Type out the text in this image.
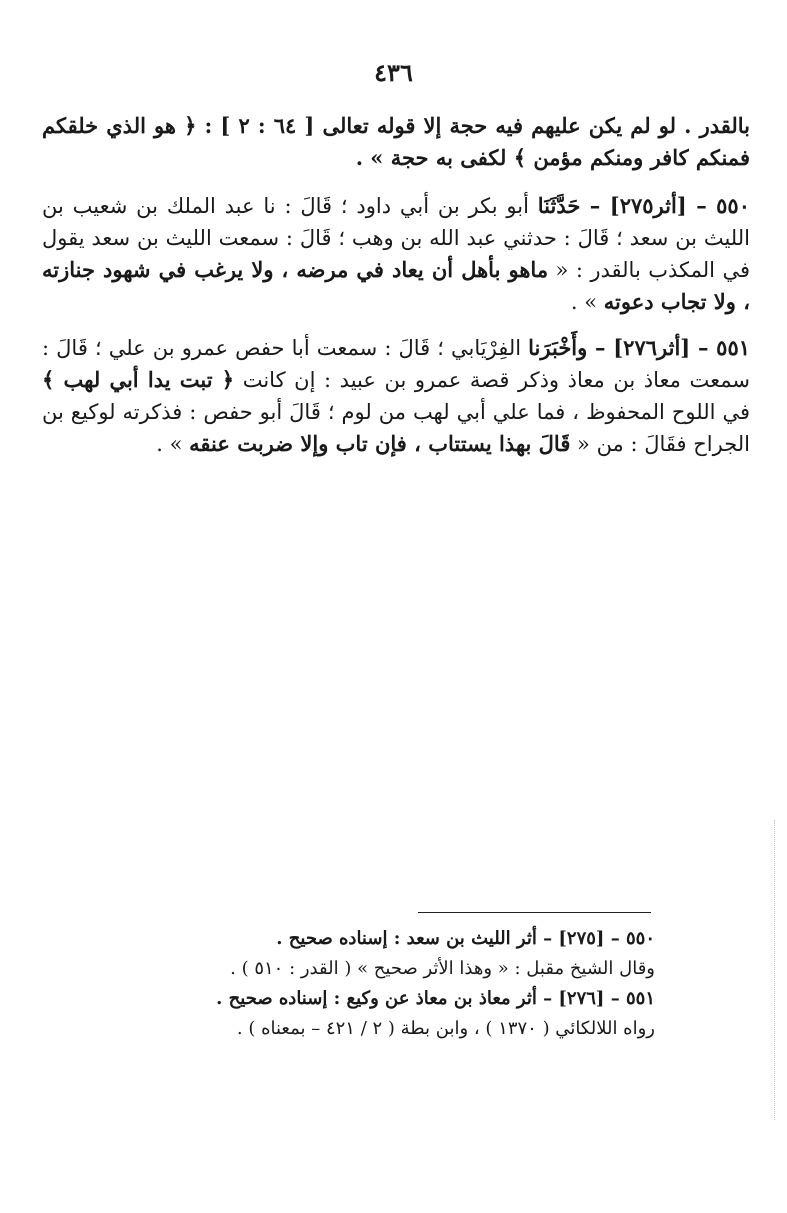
٤٣٦

بالقدر . لو لم يكن عليهم فيه حجة إلا قوله تعالى [ ٦٤ : ٢ ] : ﴿ هو الذي خلقكم فمنكم كافر ومنكم مؤمن ﴾ لكفى به حجة » .

٥٥٠ – [أثر٢٧٥] – حَدَّثَنَا أبو بكر بن أبي داود ؛ قَالَ : نا عبد الملك بن شعيب بن الليث بن سعد ؛ قَالَ : حدثني عبد الله بن وهب ؛ قَالَ : سمعت الليث بن سعد يقول في المكذب بالقدر : « ماهو بأهل أن يعاد في مرضه ، ولا يرغب في شهود جنازته ، ولا تجاب دعوته » .

٥٥١ – [أثر٢٧٦] – وأَخْبَرَنا الفِرْيَابي ؛ قَالَ : سمعت أبا حفص عمرو بن علي ؛ قَالَ : سمعت معاذ بن معاذ وذكر قصة عمرو بن عبيد : إن كانت ﴿ تبت يدا أبي لهب ﴾ في اللوح المحفوظ ، فما علي أبي لهب من لوم ؛ قَالَ أبو حفص : فذكرته لوكيع بن الجراح فقَالَ : من « قَالَ بهذا يستتاب ، فإن تاب وإلا ضربت عنقه » .

٥٥٠ – [٢٧٥] – أثر الليث بن سعد : إسناده صحيح .
وقال الشيخ مقبل : « وهذا الأثر صحيح » ( القدر : ٥١٠ ) .
٥٥١ – [٢٧٦] – أثر معاذ بن معاذ عن وكيع : إسناده صحيح .
رواه اللالكائي ( ١٣٧٠ ) ، وابن بطة ( ٢ / ٤٢١ – بمعناه ) .
